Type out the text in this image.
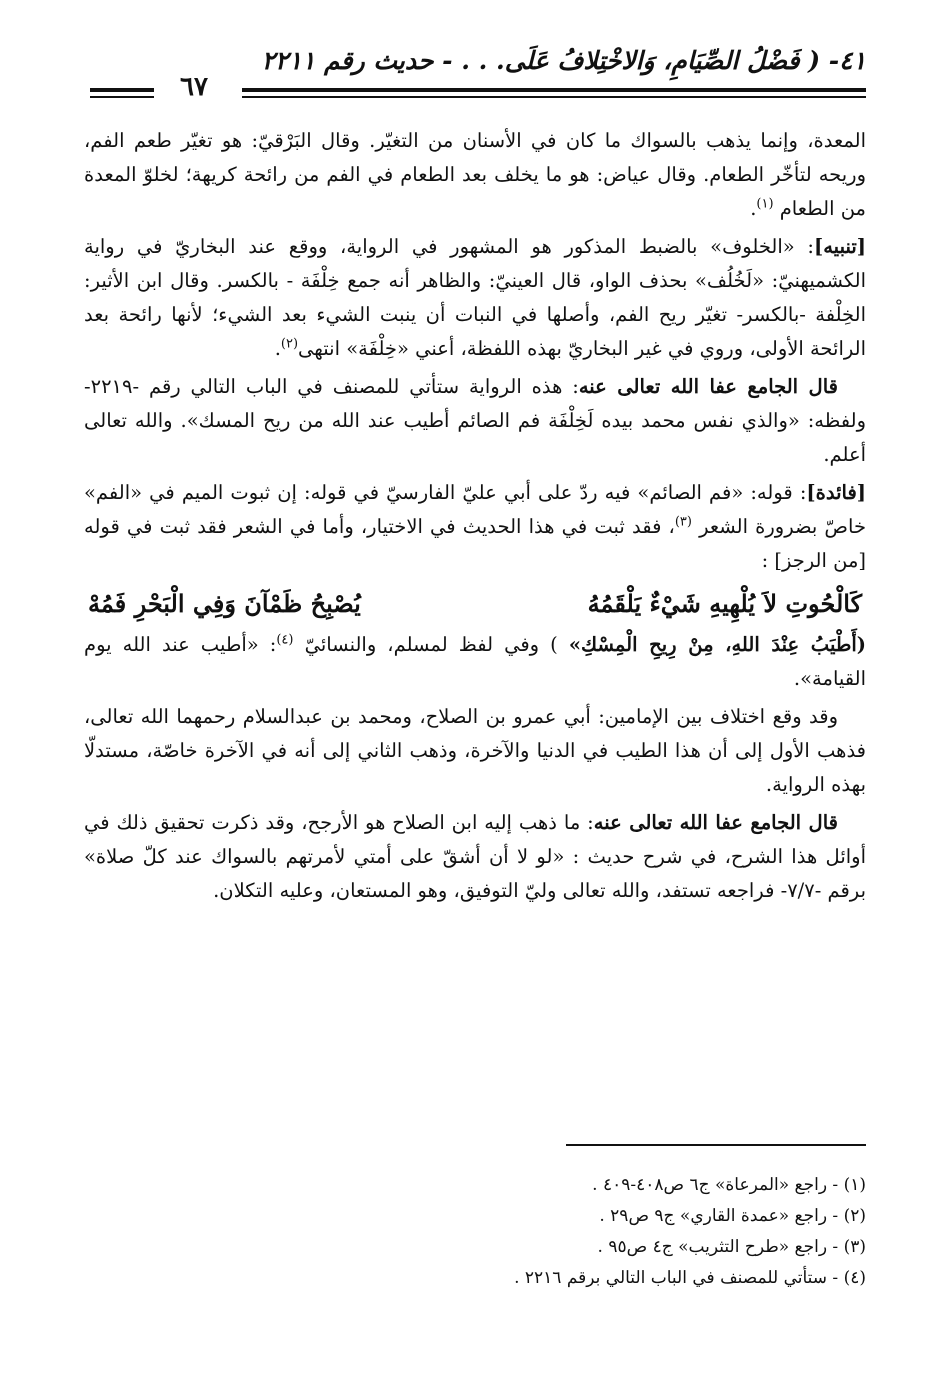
٤١- ( فَضْلُ الصِّيَامِ، وَالاخْتِلافُ عَلَى. . . - حديث رقم ٢٢١١
٦٧

المعدة، وإنما يذهب بالسواك ما كان في الأسنان من التغيّر. وقال البَرْقيّ: هو تغيّر طعم الفم، وريحه لتأخّر الطعام. وقال عياض: هو ما يخلف بعد الطعام في الفم من رائحة كريهة؛ لخلوّ المعدة من الطعام $^{(١)}$.

[تنبيه]: «الخلوف» بالضبط المذكور هو المشهور في الرواية، ووقع عند البخاريّ في رواية الكشميهنيّ: «لَخُلُف» بحذف الواو، قال العينيّ: والظاهر أنه جمع خِلْفَة - بالكسر. وقال ابن الأثير: الخِلْفة -بالكسر- تغيّر ريح الفم، وأصلها في النبات أن ينبت الشيء بعد الشيء؛ لأنها رائحة بعد الرائحة الأولى، وروي في غير البخاريّ بهذه اللفظة، أعني «خِلْفَة» انتهى$^{(٢)}$.

قال الجامع عفا الله تعالى عنه: هذه الرواية ستأتي للمصنف في الباب التالي رقم -٢٢١٩- ولفظه: «والذي نفس محمد بيده لَخِلْفَة فم الصائم أطيب عند الله من ريح المسك». والله تعالى أعلم.

[فائدة]: قوله: «فم الصائم» فيه ردّ على أبي عليّ الفارسيّ في قوله: إن ثبوت الميم في «الفم» خاصّ بضرورة الشعر $^{(٣)}$، فقد ثبت في هذا الحديث في الاختيار، وأما في الشعر فقد ثبت في قوله [من الرجز] :

كَالْحُوتِ لاَ يُلْهِيهِ شَيْءٌ يَلْقَمُهُ
يُصْبِحُ ظَمْآنَ وَفِي الْبَحْرِ فَمُهْ

(أَطْيَبُ عِنْدَ اللهِ، مِنْ رِيحِ الْمِسْكِ» ) وفي لفظ لمسلم، والنسائيّ $^{(٤)}$: «أطيب عند الله يوم القيامة».

وقد وقع اختلاف بين الإمامين: أبي عمرو بن الصلاح، ومحمد بن عبدالسلام رحمهما الله تعالى، فذهب الأول إلى أن هذا الطيب في الدنيا والآخرة، وذهب الثاني إلى أنه في الآخرة خاصّة، مستدلّا بهذه الرواية.

قال الجامع عفا الله تعالى عنه: ما ذهب إليه ابن الصلاح هو الأرجح، وقد ذكرت تحقيق ذلك في أوائل هذا الشرح، في شرح حديث : «لو لا أن أشقّ على أمتي لأمرتهم بالسواك عند كلّ صلاة» برقم -٧/٧- فراجعه تستفد، والله تعالى وليّ التوفيق، وهو المستعان، وعليه التكلان.

(١) - راجع «المرعاة» ج٦ ص٤٠٨-٤٠٩ .
(٢) - راجع «عمدة القاري» ج٩ ص٢٩ .
(٣) - راجع «طرح التثريب» ج٤ ص٩٥ .
(٤) - ستأتي للمصنف في الباب التالي برقم ٢٢١٦ .
